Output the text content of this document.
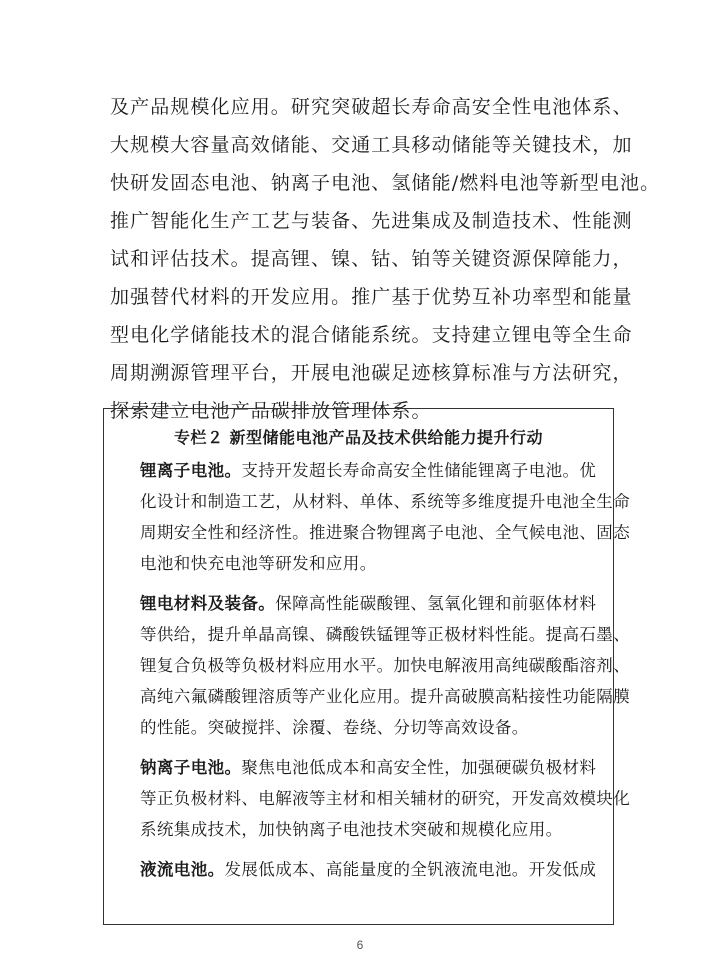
及产品规模化应用。研究突破超长寿命高安全性电池体系、
大规模大容量高效储能、交通工具移动储能等关键技术，加
快研发固态电池、钠离子电池、氢储能/燃料电池等新型电池。
推广智能化生产工艺与装备、先进集成及制造技术、性能测
试和评估技术。提高锂、镍、钴、铂等关键资源保障能力，
加强替代材料的开发应用。推广基于优势互补功率型和能量
型电化学储能技术的混合储能系统。支持建立锂电等全生命
周期溯源管理平台，开展电池碳足迹核算标准与方法研究，
探索建立电池产品碳排放管理体系。
专栏２ 新型储能电池产品及技术供给能力提升行动
锂离子电池。支持开发超长寿命高安全性储能锂离子电池。优
化设计和制造工艺，从材料、单体、系统等多维度提升电池全生命
周期安全性和经济性。推进聚合物锂离子电池、全气候电池、固态
电池和快充电池等研发和应用。
锂电材料及装备。保障高性能碳酸锂、氢氧化锂和前驱体材料
等供给，提升单晶高镍、磷酸铁锰锂等正极材料性能。提高石墨、
锂复合负极等负极材料应用水平。加快电解液用高纯碳酸酯溶剂、
高纯六氟磷酸锂溶质等产业化应用。提升高破膜高粘接性功能隔膜
的性能。突破搅拌、涂覆、卷绕、分切等高效设备。
钠离子电池。聚焦电池低成本和高安全性，加强硬碳负极材料
等正负极材料、电解液等主材和相关辅材的研究，开发高效模块化
系统集成技术，加快钠离子电池技术突破和规模化应用。
液流电池。发展低成本、高能量度的全钒液流电池。开发低成
6
